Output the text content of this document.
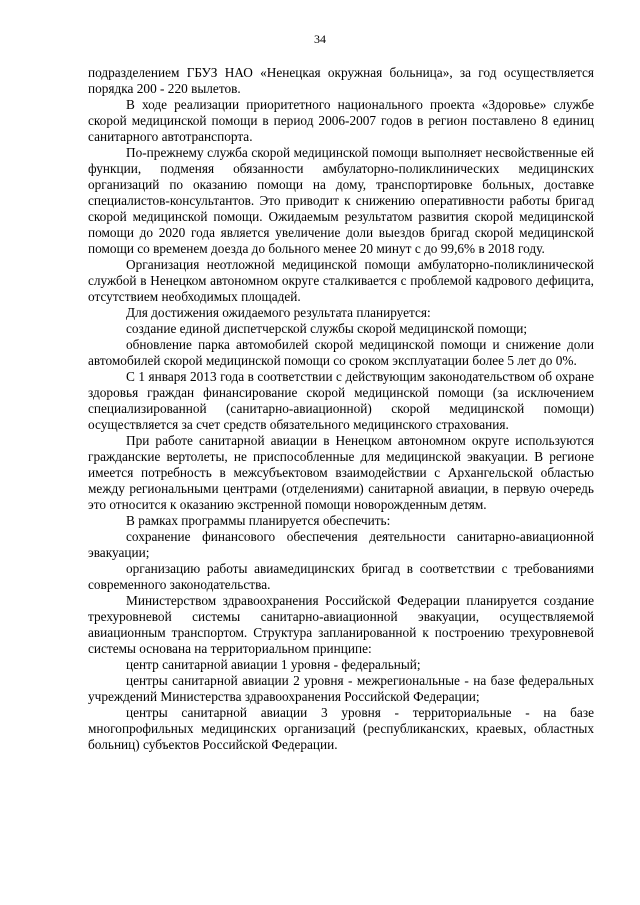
34

подразделением ГБУЗ НАО «Ненецкая окружная больница», за год осуществляется порядка 200 - 220 вылетов.

В ходе реализации приоритетного национального проекта «Здоровье» службе скорой медицинской помощи в период 2006-2007 годов в регион поставлено 8 единиц санитарного автотранспорта.

По-прежнему служба скорой медицинской помощи выполняет несвойственные ей функции, подменяя обязанности амбулаторно-поликлинических медицинских организаций по оказанию помощи на дому, транспортировке больных, доставке специалистов-консультантов. Это приводит к снижению оперативности работы бригад скорой медицинской помощи. Ожидаемым результатом развития скорой медицинской помощи до 2020 года является увеличение доли выездов бригад скорой медицинской помощи со временем доезда до больного менее 20 минут с до 99,6% в 2018 году.

Организация неотложной медицинской помощи амбулаторно-поликлинической службой в Ненецком автономном округе сталкивается с проблемой кадрового дефицита, отсутствием необходимых площадей.

Для достижения ожидаемого результата планируется:

создание единой диспетчерской службы скорой медицинской помощи;

обновление парка автомобилей скорой медицинской помощи и снижение доли автомобилей скорой медицинской помощи со сроком эксплуатации более 5 лет до 0%.

С 1 января 2013 года в соответствии с действующим законодательством об охране здоровья граждан финансирование скорой медицинской помощи (за исключением специализированной (санитарно-авиационной) скорой медицинской помощи) осуществляется за счет средств обязательного медицинского страхования.

При работе санитарной авиации в Ненецком автономном округе используются гражданские вертолеты, не приспособленные для медицинской эвакуации. В регионе имеется потребность в межсубъектовом взаимодействии с Архангельской областью между региональными центрами (отделениями) санитарной авиации, в первую очередь это относится к оказанию экстренной помощи новорожденным детям.

В рамках программы планируется обеспечить:

сохранение финансового обеспечения деятельности санитарно-авиационной эвакуации;

организацию работы авиамедицинских бригад в соответствии с требованиями современного законодательства.

Министерством здравоохранения Российской Федерации планируется создание трехуровневой системы санитарно-авиационной эвакуации, осуществляемой авиационным транспортом. Структура запланированной к построению трехуровневой системы основана на территориальном принципе:

центр санитарной авиации 1 уровня - федеральный;

центры санитарной авиации 2 уровня - межрегиональные - на базе федеральных учреждений Министерства здравоохранения Российской Федерации;

центры санитарной авиации 3 уровня - территориальные - на базе многопрофильных медицинских организаций (республиканских, краевых, областных больниц) субъектов Российской Федерации.
